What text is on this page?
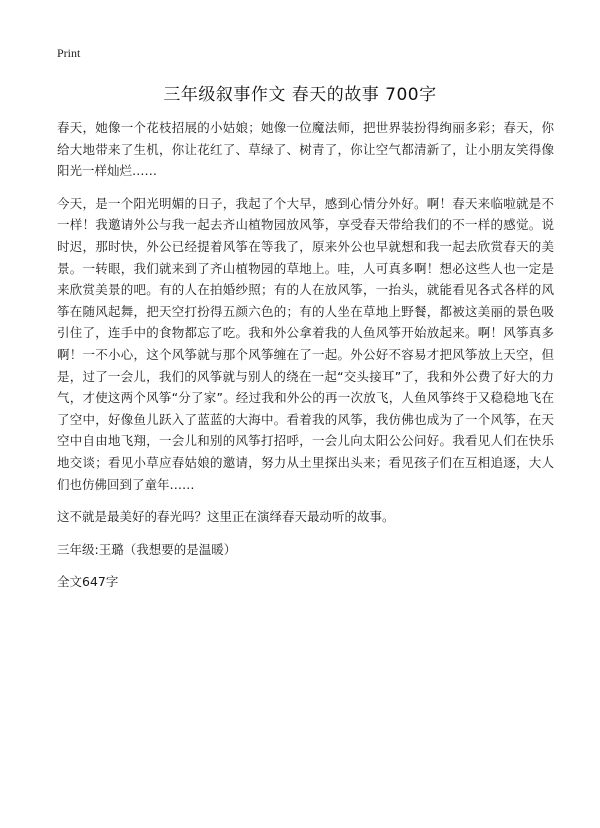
Print
三年级叙事作文 春天的故事 700字

春天，她像一个花枝招展的小姑娘；她像一位魔法师，把世界装扮得绚丽多彩；春天，你给大地带来了生机，你让花红了、草绿了、树青了，你让空气都清新了，让小朋友笑得像阳光一样灿烂……

今天，是一个阳光明媚的日子，我起了个大早，感到心情分外好。啊！春天来临啦就是不一样！我邀请外公与我一起去齐山植物园放风筝，享受春天带给我们的不一样的感觉。说时迟，那时快，外公已经提着风筝在等我了，原来外公也早就想和我一起去欣赏春天的美景。一转眼，我们就来到了齐山植物园的草地上。哇，人可真多啊！想必这些人也一定是来欣赏美景的吧。有的人在拍婚纱照；有的人在放风筝，一抬头，就能看见各式各样的风筝在随风起舞，把天空打扮得五颜六色的；有的人坐在草地上野餐，都被这美丽的景色吸引住了，连手中的食物都忘了吃。我和外公拿着我的人鱼风筝开始放起来。啊！风筝真多啊！一不小心，这个风筝就与那个风筝缠在了一起。外公好不容易才把风筝放上天空，但是，过了一会儿，我们的风筝就与别人的绕在一起“交头接耳”了，我和外公费了好大的力气，才使这两个风筝“分了家”。经过我和外公的再一次放飞，人鱼风筝终于又稳稳地飞在了空中，好像鱼儿跃入了蓝蓝的大海中。看着我的风筝，我仿佛也成为了一个风筝，在天空中自由地飞翔，一会儿和别的风筝打招呼，一会儿向太阳公公问好。我看见人们在快乐地交谈；看见小草应春姑娘的邀请，努力从土里探出头来；看见孩子们在互相追逐，大人们也仿佛回到了童年……

这不就是最美好的春光吗？这里正在演绎春天最动听的故事。

三年级:王璐（我想要的是温暖）

全文647字
